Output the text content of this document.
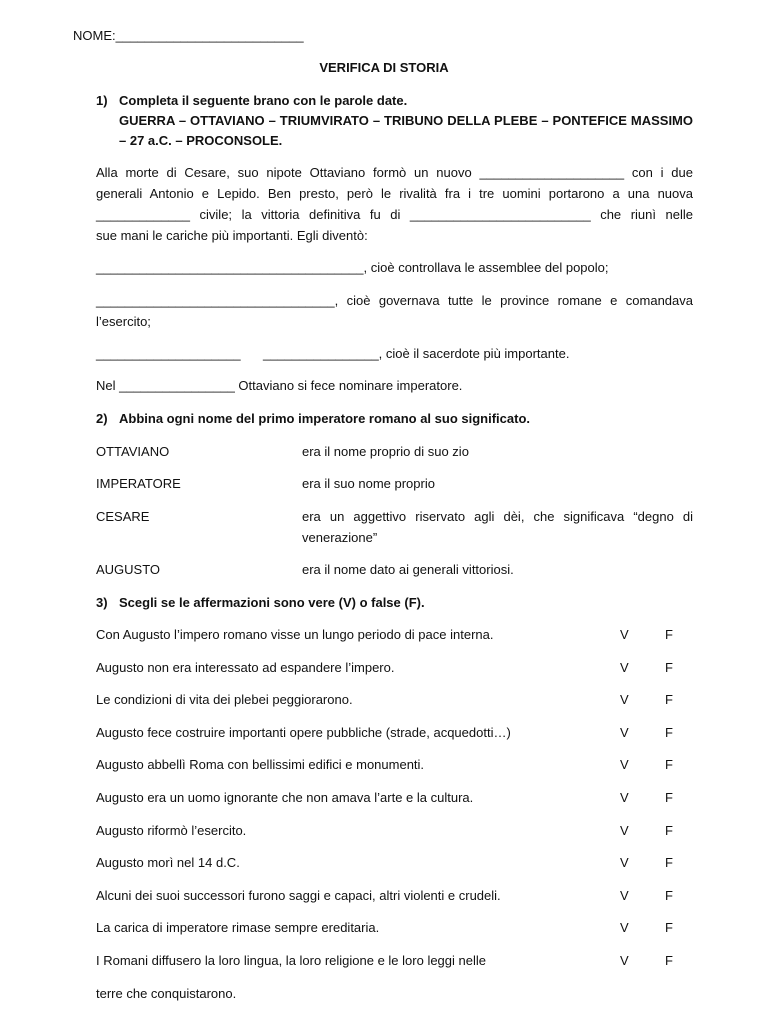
NOME:__________________________
VERIFICA DI STORIA
1) Completa il seguente brano con le parole date.
GUERRA – OTTAVIANO – TRIUMVIRATO – TRIBUNO DELLA PLEBE – PONTEFICE MASSIMO
– 27 a.C. – PROCONSOLE.
Alla morte di Cesare, suo nipote Ottaviano formò un nuovo ____________________ con i due
generali Antonio e Lepido. Ben presto, però le rivalità fra i tre uomini portarono a una nuova
_____________ civile; la vittoria definitiva fu di _________________________ che riunì nelle
sue mani le cariche più importanti. Egli diventò:
_____________________________________, cioè controllava le assemblee del popolo;
_________________________________, cioè governava tutte le province romane e comandava
l’esercito;
____________________ ________________, cioè il sacerdote più importante.
Nel ________________ Ottaviano si fece nominare imperatore.
2) Abbina ogni nome del primo imperatore romano al suo significato.
OTTAVIANO	era il nome proprio di suo zio
IMPERATORE	era il suo nome proprio
CESARE	era un aggettivo riservato agli dèi, che significava “degno di
venerazione”
AUGUSTO	era il nome dato ai generali vittoriosi.
3) Scegli se le affermazioni sono vere (V) o false (F).
Con Augusto l’impero romano visse un lungo periodo di pace interna.	V	F
Augusto non era interessato ad espandere l’impero.	V	F
Le condizioni di vita dei plebei peggiorarono.	V	F
Augusto fece costruire importanti opere pubbliche (strade, acquedotti…)	V	F
Augusto abbellì Roma con bellissimi edifici e monumenti.	V	F
Augusto era un uomo ignorante che non amava l’arte e la cultura.	V	F
Augusto riformò l’esercito.	V	F
Augusto morì nel 14 d.C.	V	F
Alcuni dei suoi successori furono saggi e capaci, altri violenti e crudeli.	V	F
La carica di imperatore rimase sempre ereditaria.	V	F
I Romani diffusero la loro lingua, la loro religione e le loro leggi nelle	V	F
terre che conquistarono.
